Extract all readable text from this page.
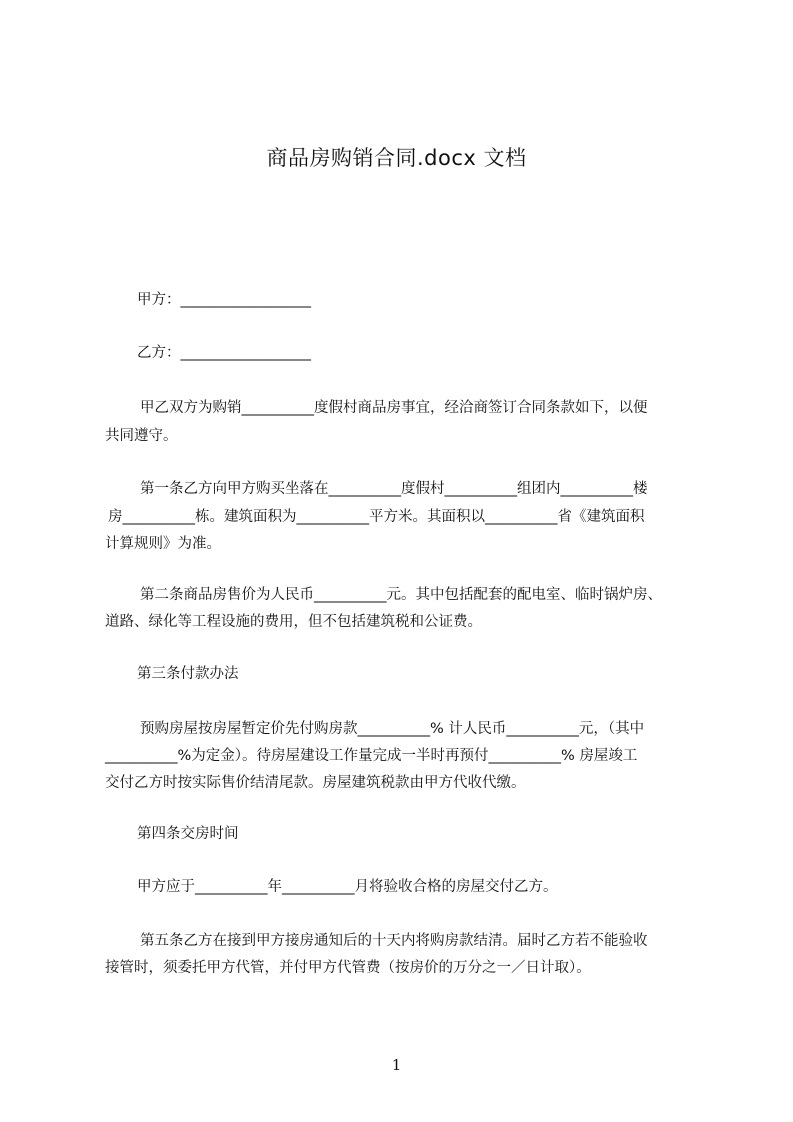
商品房购销合同.docx 文档
甲方：__________________
乙方：__________________
甲乙双方为购销__________度假村商品房事宜，经洽商签订合同条款如下，以便
共同遵守。
第一条乙方向甲方购买坐落在__________度假村__________组团内__________楼
房__________栋。建筑面积为__________平方米。其面积以__________省《建筑面积
计算规则》为准。
第二条商品房售价为人民币__________元。其中包括配套的配电室、临时锅炉房、
道路、绿化等工程设施的费用，但不包括建筑税和公证费。
第三条付款办法
预购房屋按房屋暂定价先付购房款__________% 计人民币__________元，（其中
__________%为定金）。待房屋建设工作量完成一半时再预付__________% 房屋竣工
交付乙方时按实际售价结清尾款。房屋建筑税款由甲方代收代缴。
第四条交房时间
甲方应于__________年__________月将验收合格的房屋交付乙方。
第五条乙方在接到甲方接房通知后的十天内将购房款结清。届时乙方若不能验收
接管时，须委托甲方代管，并付甲方代管费（按房价的万分之一／日计取）。
1
